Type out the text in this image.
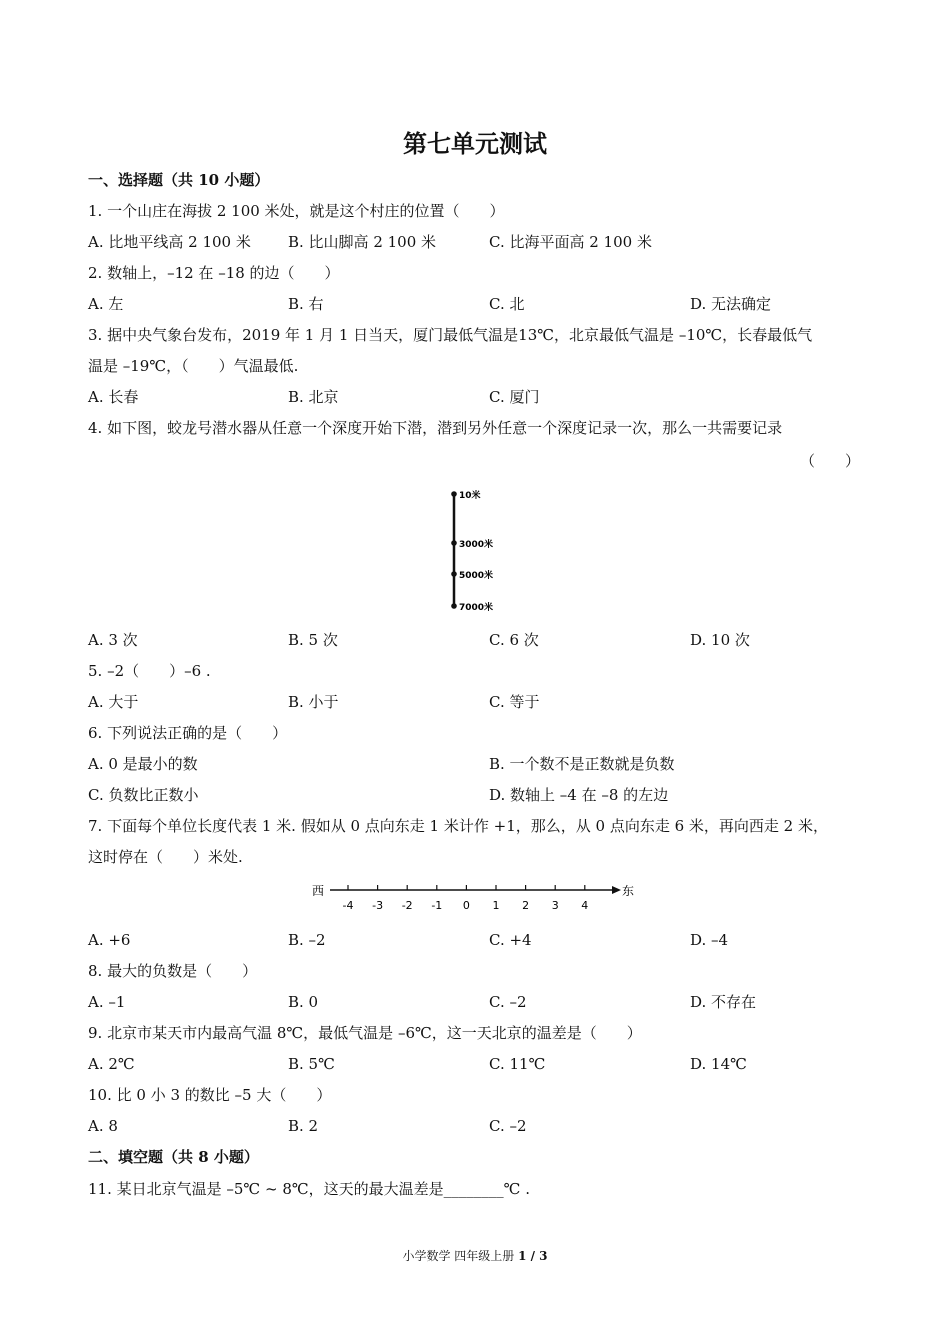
第七单元测试
一、选择题（共 10 小题）
1. 一个山庄在海拔 2 100 米处，就是这个村庄的位置（　　）
A. 比地平线高 2 100 米 B. 比山脚高 2 100 米	C. 比海平面高 2 100 米
2. 数轴上，–12 在 –18 的边（　　）
A. 左	B. 右	C. 北	D. 无法确定
3. 据中央气象台发布，2019 年 1 月 1 日当天，厦门最低气温是13℃，北京最低气温是 –10℃，长春最低气
温是 –19℃，（　　）气温最低.
A. 长春	B. 北京	C. 厦门
4. 如下图，蛟龙号潜水器从任意一个深度开始下潜，潜到另外任意一个深度记录一次，那么一共需要记录
（　　）
10米
3000米
5000米
7000米
A. 3 次	B. 5 次	C. 6 次	D. 10 次
5. –2（　　）–6 .
A. 大于	B. 小于	C. 等于
6. 下列说法正确的是（　　）
A. 0 是最小的数	B. 一个数不是正数就是负数
C. 负数比正数小	D. 数轴上 –4 在 –8 的左边
7. 下面每个单位长度代表 1 米. 假如从 0 点向东走 1 米计作 +1，那么，从 0 点向东走 6 米，再向西走 2 米，
这时停在（　　）米处.
西	东
-4 -3 -2 -1 0 1 2 3 4
A. +6	B. –2	C. +4	D. –4
8. 最大的负数是（　　）
A. –1	B. 0	C. –2	D. 不存在
9. 北京市某天市内最高气温 8℃，最低气温是 –6℃，这一天北京的温差是（　　）
A. 2℃	B. 5℃	C. 11℃	D. 14℃
10. 比 0 小 3 的数比 –5 大（　　）
A. 8	B. 2	C. –2
二、填空题（共 8 小题）
11. 某日北京气温是 –5℃ ~ 8℃，这天的最大温差是________℃ .
小学数学 四年级上册 1 / 3
